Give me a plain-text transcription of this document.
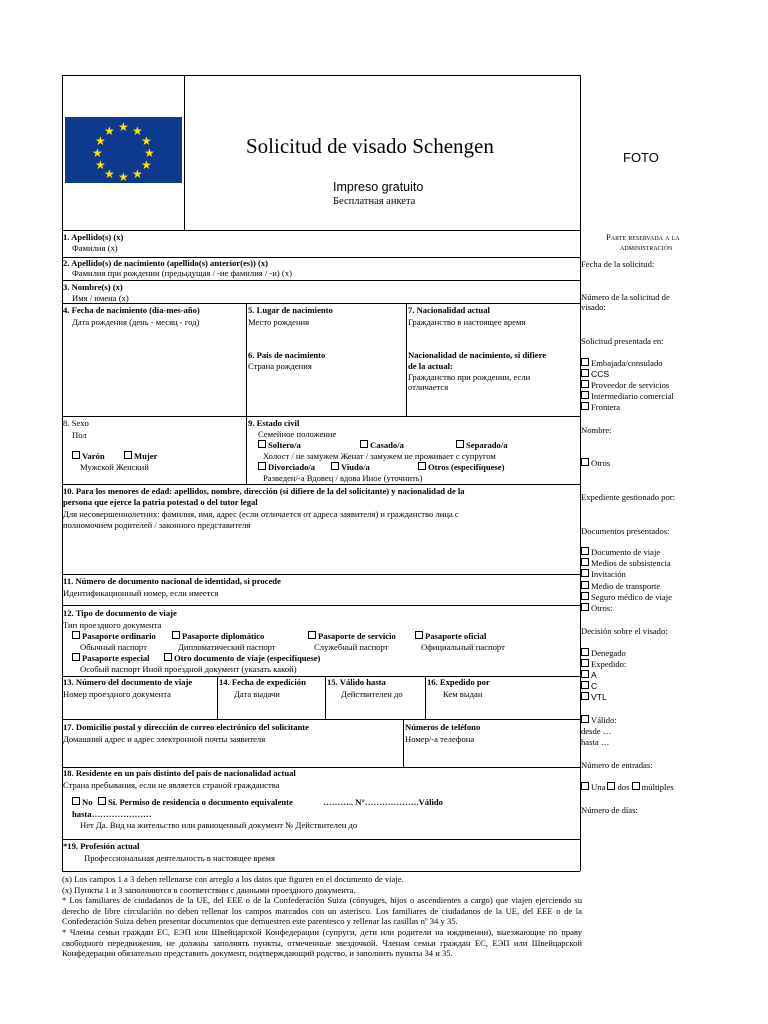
★ ★
★
★
★
★
★
★
★
★
★
★
Solicitud de visado Schengen	FOTO
Impreso gratuito
Бесплатная анкета
1. Apellido(s) (x)
Фамилия (x)
2. Apellido(s) de nacimiento (apellido(s) anterior(es)) (x)
Фамилия при рождении (предыдущая / -ие фамилия / -и) (x)
3. Nombre(s) (x)
Имя / имена (x)
4. Fecha de nacimiento (día-mes-año)
Дата рождения (день - месяц - год)
5. Lugar de nacimiento
Место рождения
7. Nacionalidad actual
Гражданство в настоящее время
6. País de nacimiento
Страна рождения
Nacionalidad de nacimiento, si difiere
de la actual:
Гражданство при рождении, если
отличается
8. Sexo
Пол
Varón	Mujer
Мужской Женский
9. Estado civil
Семейное положение
Soltero/a	Casado/a	Separado/a
Холост / не замужем Женат / замужем не проживает с супругом
Divorciado/a	Viudo/a	Otros (especifíquese)
Разведен/-а Вдовец / вдова Иное (уточнить)
10. Para los menores de edad: apellidos, nombre, dirección (si difiere de la del solicitante) y nacionalidad de la
persona que ejerce la patria potestad o del tutor legal
Для несовершеннолетних: фамилия, имя, адрес (если отличается от адреса заявителя) и гражданство лица с
полномочием родителей / законного представителя
11. Número de documento nacional de identidad, si procede
Идентификационный номер, если имеется
12. Tipo de documento de viaje
Тип проездного документа
Pasaporte ordinario	Pasaporte diplomático	Pasaporte de servicio	Pasaporte oficial
Обычный паспорт	Дипломатический паспорт	Служебный паспорт	Официальный паспорт
Pasaporte especial	Otro documento de viaje (especifíquese)
Особый паспорт Иной проездной документ (указать какой)
13. Número del documento de viaje
Номер проездного документа
14. Fecha de expedición
Дата выдачи
15. Válido hasta
Действителен до
16. Expedido por
Кем выдан
17. Domicilio postal y dirección de correo electrónico del solicitante
Домашний адрес и адрес электронной почты заявителя
Números de teléfono
Номер/-а телефона
18. Residente en un país distinto del país de nacionalidad actual
Страна пребывания, если не является страной гражданства
No	Sí. Permiso de residencia o documento equivalente	……….. N°……………….Válido
hasta…………………
Нет Да. Вид на жительство или равноценный документ № Действителен до
*19. Profesión actual
Профессиональная деятельность в настоящее время
Parte reservada a la
administración
Fecha de la solicitud:
Número de la solicitud de
visado:
Solicitud presentada en:
Embajada/consulado
CCS
Proveedor de servicios
Intermediario comercial
Frontera
Nombre:
Otros
Expediente gestionado por:
Documentos presentados:
Documento de viaje
Medios de subsistencia
Invitación
Medio de transporte
Seguro médico de viaje
Otros:
Decisión sobre el visado:
Denegado
Expedido:
A
C
VTL
Válido:
desde …
hasta …
Número de entradas:
Una dos múltiples
Número de días:

(x) Los campos 1 a 3 deben rellenarse con arreglo a los datos que figuren en el documento de viaje.

(x) Пункты 1 и 3 заполняются в соответствии с данными проездного документа.

* Los familiares de ciudadanos de la UE, del EEE o de la Confederación Suiza (cónyuges, hijos o ascendientes a cargo) que viajen ejerciendo su derecho de libre circulación no deben rellenar los campos marcados con un asterisco. Los familiares de ciudadanos de la UE, del EEE o de la Confederación Suiza deben presentar documentos que demuestren este parentesco y rellenar las casillas nº 34 y 35.

* Члены семьи граждан ЕС, ЕЭП или Швейцарской Конфедерации (супруги, дети или родители на иждивении), выезжающие по праву свободного передвижения, не должны заполнять пункты, отмеченные звездочкой. Членам семьи граждан ЕС, ЕЭП или Швейцарской Конфедерации обязательно представить документ, подтверждающий родство, и заполнить пункты 34 и 35.
